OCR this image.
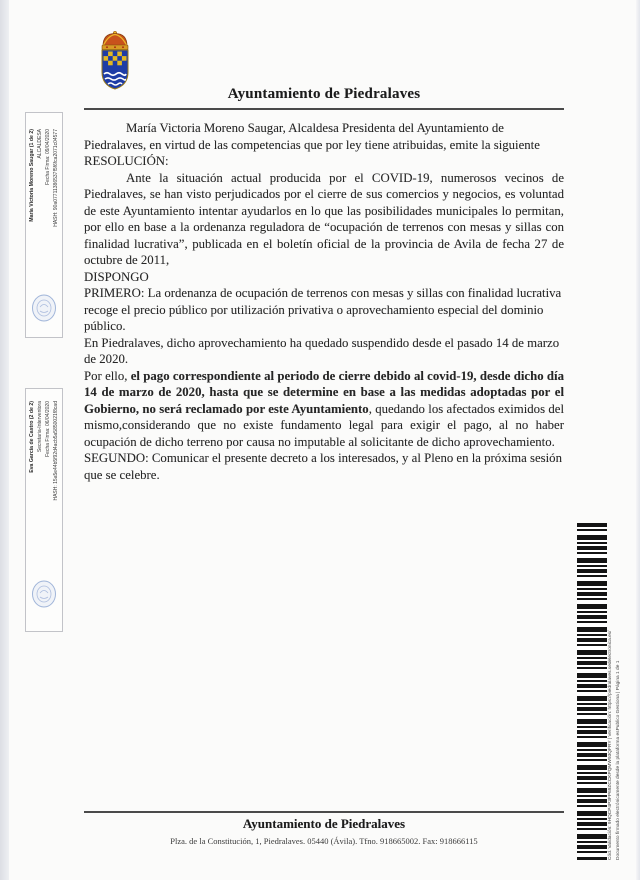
Ayuntamiento de Piedralaves

María Victoria Moreno Saugar, Alcaldesa Presidenta del Ayuntamiento de Piedralaves, en virtud de las competencias que por ley tiene atribuidas, emite la siguiente RESOLUCIÓN:

Ante la situación actual producida por el COVID-19, numerosos vecinos de Piedralaves, se han visto perjudicados por el cierre de sus comercios y negocios, es voluntad de este Ayuntamiento intentar ayudarlos en lo que las posibilidades municipales lo permitan, por ello en base a la ordenanza reguladora de “ocupación de terrenos con mesas y sillas con finalidad lucrativa”, publicada en el boletín oficial de la provincia de Avila de fecha 27 de octubre de 2011,

DISPONGO

PRIMERO: La ordenanza de ocupación de terrenos con mesas y sillas con finalidad lucrativa recoge el precio público por utilización privativa o aprovechamiento especial del dominio público.

En Piedralaves, dicho aprovechamiento ha quedado suspendido desde el pasado 14 de marzo de 2020.

Por ello, el pago correspondiente al periodo de cierre debido al covid-19, desde dicho día 14 de marzo de 2020, hasta que se determine en base a las medidas adoptadas por el Gobierno, no será reclamado por este Ayuntamiento, quedando los afectados eximidos del mismo,considerando que no existe fundamento legal para exigir el pago, al no haber ocupación de dicho terreno por causa no imputable al solicitante de dicho aprovechamiento.

SEGUNDO: Comunicar el presente decreto a los interesados, y al Pleno en la próxima sesión que se celebre.

Ayuntamiento de Piedralaves
Plza. de la Constitución, 1, Piedralaves. 05440 (Ávila). Tfno. 918665002. Fax: 918666115
María Victoria Moreno Saugar (1 de 2) ALCALDESA Fecha Firma: 09/04/2020 HASH: 90a07711386537f5f6fca2071c04577
Eva García de Castro (2 de 2) Secretaria-Interventora Fecha Firma: 06/04/2020 HASH: 15a5e44b5f92d4acb5a5850021f8cad
Cód. Validación: 9HQCP4P3FP69ZCCKPQMW93QFRY | Verificación: https://piedralaves.sedelectronica.es/ Documento firmado electrónicamente desde la plataforma esPublico Gestiona | Página 1 de 1
